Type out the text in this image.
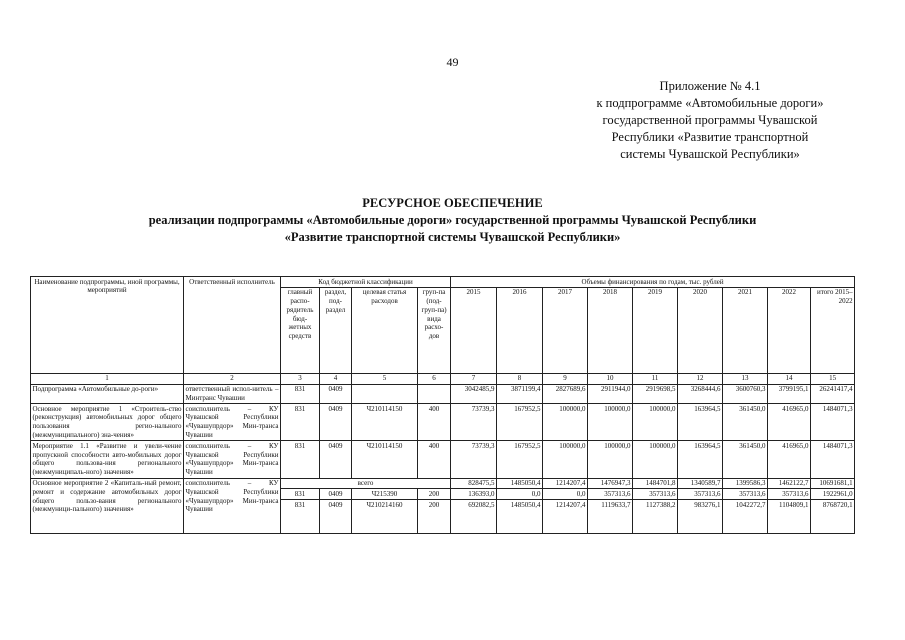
49
Приложение № 4.1
к подпрограмме «Автомобильные дороги»
государственной программы Чувашской
Республики «Развитие транспортной
системы Чувашской Республики»
РЕСУРСНОЕ ОБЕСПЕЧЕНИЕ
реализации подпрограммы «Автомобильные дороги» государственной программы Чувашской Республики
«Развитие транспортной системы Чувашской Республики»
Наименование подпрограммы, иной программы, мероприятий	Ответственный исполнитель	Код бюджетной классификации				Объемы финансирования по годам, тыс. рублей								
		главный распо-рядитель бюд-жетных средств	раздел, под-раздел	целевая статья расходов	груп-па (под-груп-па) вида расхо-дов	2015	2016	2017	2018	2019	2020	2021	2022	итого 2015–2022
1	2	3	4	5	6	7	8	9	10	11	12	13	14	15
Подпрограмма «Автомобильные до-роги»	ответственный испол-нитель – Минтранс Чувашии	831	0409			3042485,9	3871199,4	2827689,6	2911944,0	2919698,5	3268444,6	3600760,3	3799195,1	26241417,4
Основное мероприятие 1 «Строитель-ство (реконструкция) автомобильных дорог общего пользования регио-нального (межмуниципального) зна-чения»	соисполнитель – КУ Чувашской Республики «Чувашупрдор» Мин-транса Чувашии	831	0409	Ч210114150	400	73739,3	167952,5	100000,0	100000,0	100000,0	163964,5	361450,0	416965,0	1484071,3
Мероприятие 1.1 «Развитие и увели-чение пропускной способности авто-мобильных дорог общего пользова-ния регионального (межмуниципаль-ного) значения»	соисполнитель – КУ Чувашской Республики «Чувашупрдор» Мин-транса Чувашии	831	0409	Ч210114150	400	73739,3	167952,5	100000,0	100000,0	100000,0	163964,5	361450,0	416965,0	1484071,3
Основное мероприятие 2 «Капиталь-ный ремонт, ремонт и содержание автомобильных дорог общего пользо-вания регионального (межмуници-пального) значения»	соисполнитель – КУ Чувашской Республики «Чувашупрдор» Мин-транса Чувашии	всего				828475,5	1485050,4	1214207,4	1476947,3	1484701,8	1340589,7	1399586,3	1462122,7	10691681,1
		831	0409	Ч215390	200	136393,0	0,0	0,0	357313,6	357313,6	357313,6	357313,6	357313,6	1922961,0
		831	0409	Ч210214160	200	692082,5	1485050,4	1214207,4	1119633,7	1127388,2	983276,1	1042272,7	1104809,1	8768720,1
